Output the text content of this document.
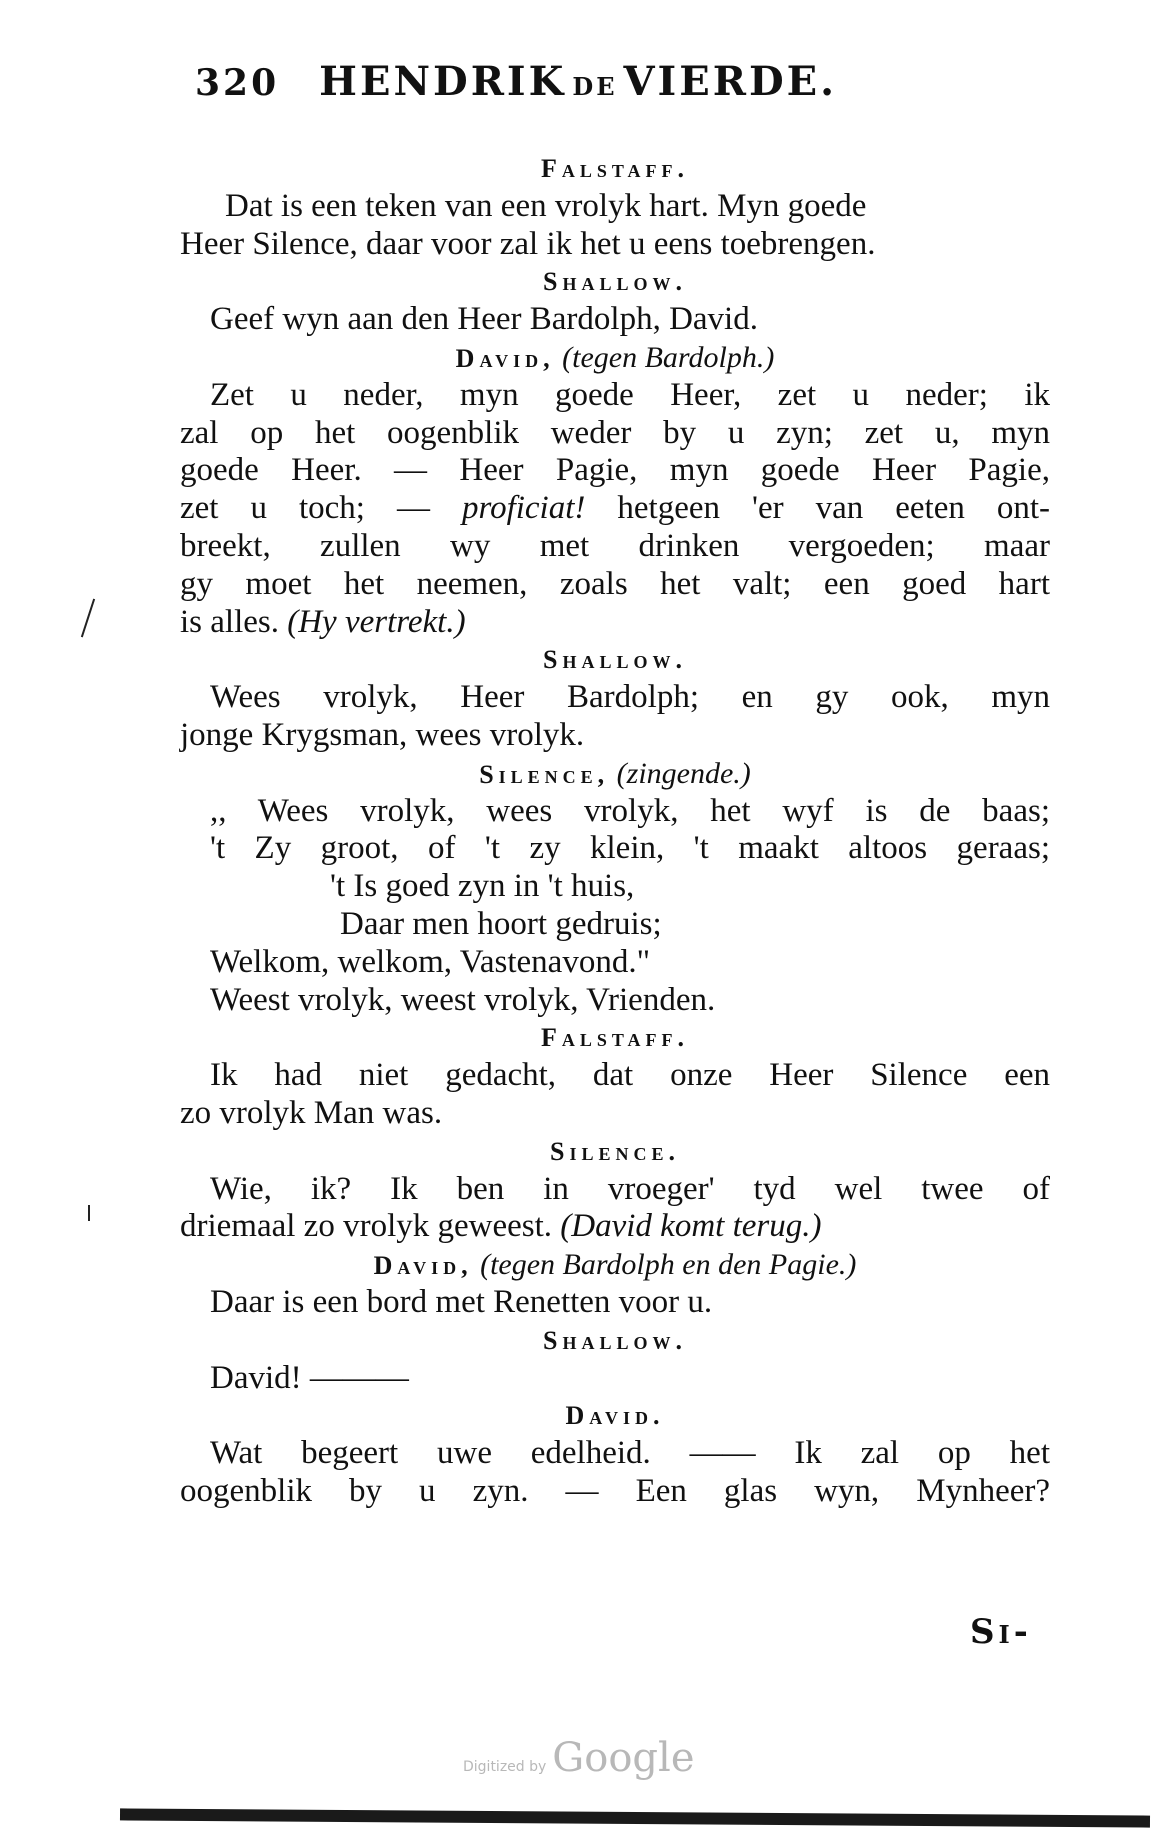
320 HENDRIK DE VIERDE.
Falstaff.
Dat is een teken van een vrolyk hart. Myn goede
Heer Silence, daar voor zal ik het u eens toebrengen.
Shallow.
Geef wyn aan den Heer Bardolph, David.
David, (tegen Bardolph.)
Zet u neder, myn goede Heer, zet u neder; ik
zal op het oogenblik weder by u zyn; zet u, myn
goede Heer. — Heer Pagie, myn goede Heer Pagie,
zet u toch; — proficiat! hetgeen 'er van eeten ont-
breekt, zullen wy met drinken vergoeden; maar
gy moet het neemen, zoals het valt; een goed hart
is alles. (Hy vertrekt.)
Shallow.
Wees vrolyk, Heer Bardolph; en gy ook, myn
jonge Krygsman, wees vrolyk.
Silence, (zingende.)
,, Wees vrolyk, wees vrolyk, het wyf is de baas;
't Zy groot, of 't zy klein, 't maakt altoos geraas;
't Is goed zyn in 't huis,
Daar men hoort gedruis;
Welkom, welkom, Vastenavond."
Weest vrolyk, weest vrolyk, Vrienden.
Falstaff.
Ik had niet gedacht, dat onze Heer Silence een
zo vrolyk Man was.
Silence.
Wie, ik? Ik ben in vroeger' tyd wel twee of
driemaal zo vrolyk geweest. (David komt terug.)
David, (tegen Bardolph en den Pagie.)
Daar is een bord met Renetten voor u.
Shallow.
David! ———
David.
Wat begeert uwe edelheid. —— Ik zal op het
oogenblik by u zyn. — Een glas wyn, Mynheer?
Si-
Digitized by Google
